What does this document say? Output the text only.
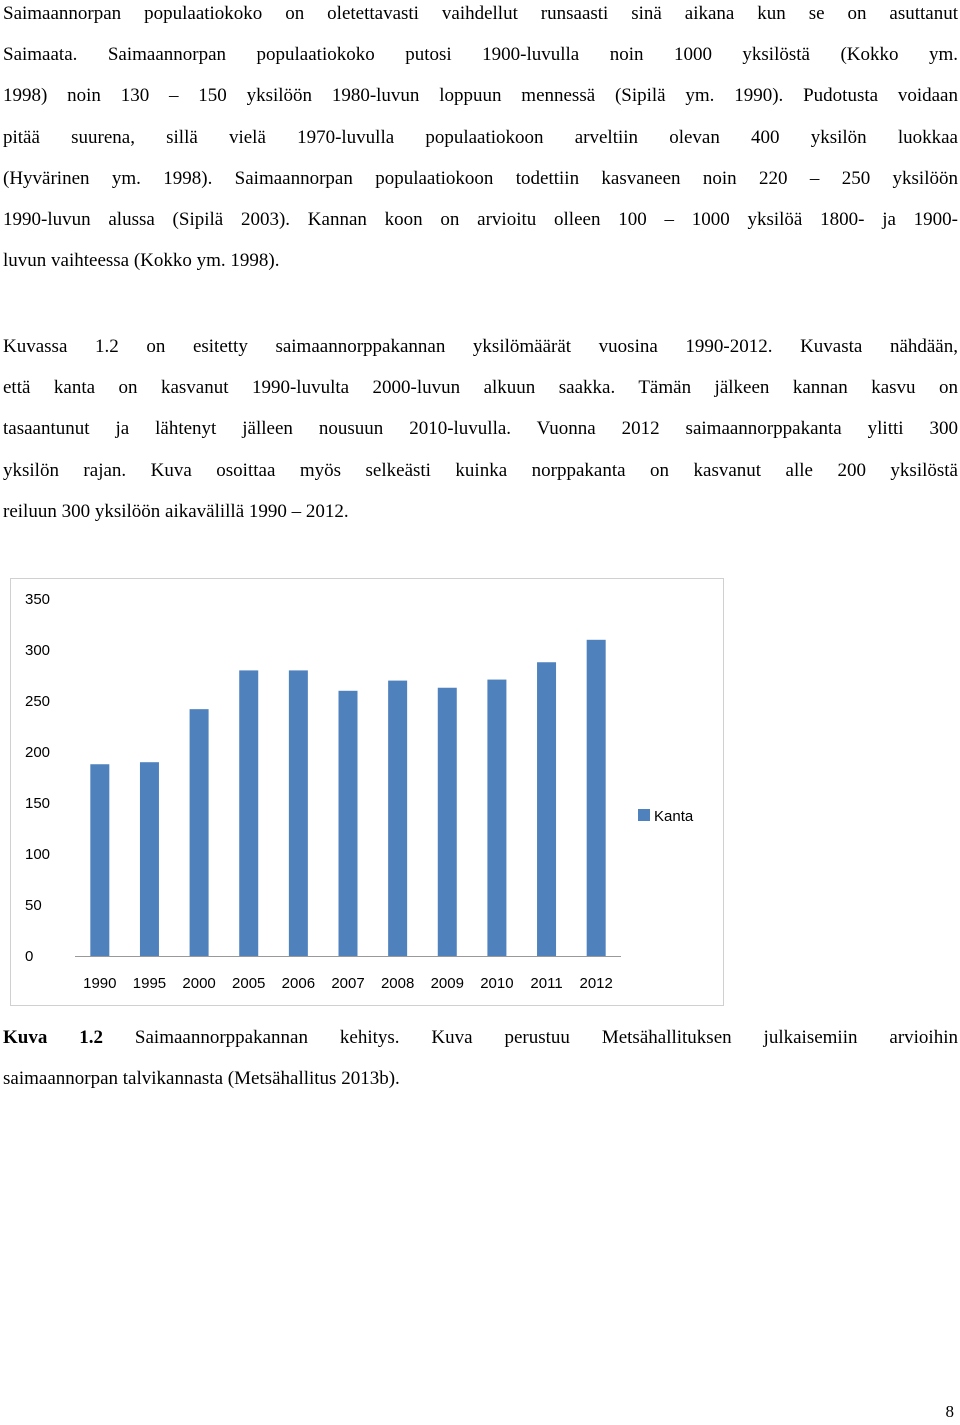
Saimaannorpan populaatiokoko on oletettavasti vaihdellut runsaasti sinä aikana kun se on asuttanut
Saimaata. Saimaannorpan populaatiokoko putosi 1900-luvulla noin 1000 yksilöstä (Kokko ym.
1998) noin 130 – 150 yksilöön 1980-luvun loppuun mennessä (Sipilä ym. 1990). Pudotusta voidaan
pitää suurena, sillä vielä 1970-luvulla populaatiokoon arveltiin olevan 400 yksilön luokkaa
(Hyvärinen ym. 1998). Saimaannorpan populaatiokoon todettiin kasvaneen noin 220 – 250 yksilöön
1990-luvun alussa (Sipilä 2003). Kannan koon on arvioitu olleen 100 – 1000 yksilöä 1800- ja 1900-
luvun vaihteessa (Kokko ym. 1998).
Kuvassa 1.2 on esitetty saimaannorppakannan yksilömäärät vuosina 1990-2012. Kuvasta nähdään,
että kanta on kasvanut 1990-luvulta 2000-luvun alkuun saakka. Tämän jälkeen kannan kasvu on
tasaantunut ja lähtenyt jälleen nousuun 2010-luvulla. Vuonna 2012 saimaannorppakanta ylitti 300
yksilön rajan. Kuva osoittaa myös selkeästi kuinka norppakanta on kasvanut alle 200 yksilöstä
reiluun 300 yksilöön aikavälillä 1990 – 2012.
0
50
100
150
200
250
300
350
1990 1995 2000 2005 2006 2007 2008 2009 2010 2011 2012
Kanta
Kuva 1.2 Saimaannorppakannan kehitys. Kuva perustuu Metsähallituksen julkaisemiin arvioihin
saimaannorpan talvikannasta (Metsähallitus 2013b).
8
